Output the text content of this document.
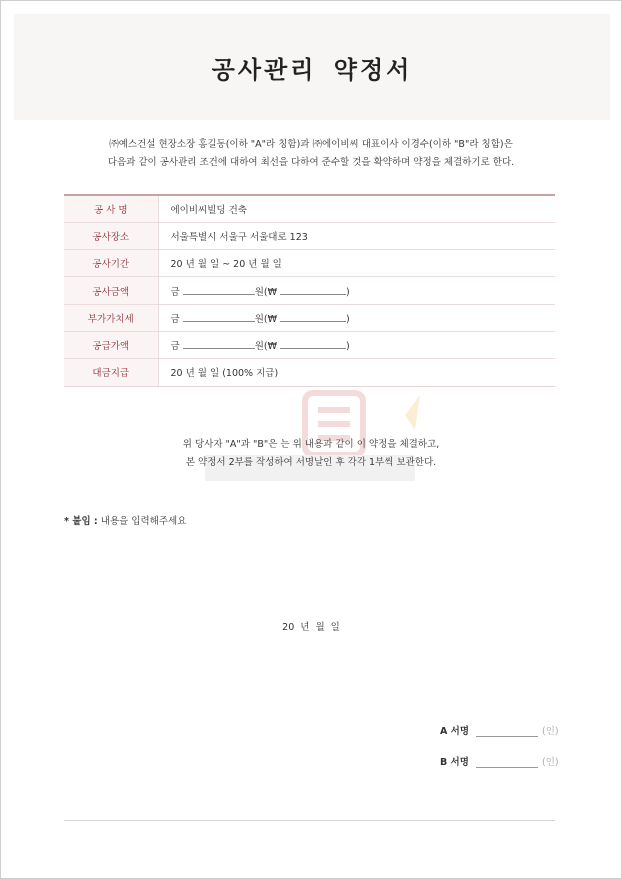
공사관리 약정서
㈜예스건설 현장소장 홍길동(이하 "A"라 칭함)과 ㈜에이비씨 대표이사 이경수(이하 "B"라 칭함)은
다음과 같이 공사관리 조건에 대하여 최선을 다하여 준수할 것을 확약하며 약정을 체결하기로 한다.
공 사 명	에이비씨빌딩 건축
공사장소	서울특별시 서울구 서울대로 123
공사기간	20 년 월 일 ~ 20 년 월 일
공사금액	금 원(₩ )
부가가치세	금 원(₩ )
공급가액	금 원(₩ )
대금지급	20 년 월 일 (100% 지급)
위 당사자 "A"과 "B"은 는 위 내용과 같이 이 약정을 체결하고,
본 약정서 2부를 작성하여 서명날인 후 각각 1부씩 보관한다.
* 붙임 : 내용을 입력해주세요
20 년 월 일
A 서명	(인)
B 서명	(인)
